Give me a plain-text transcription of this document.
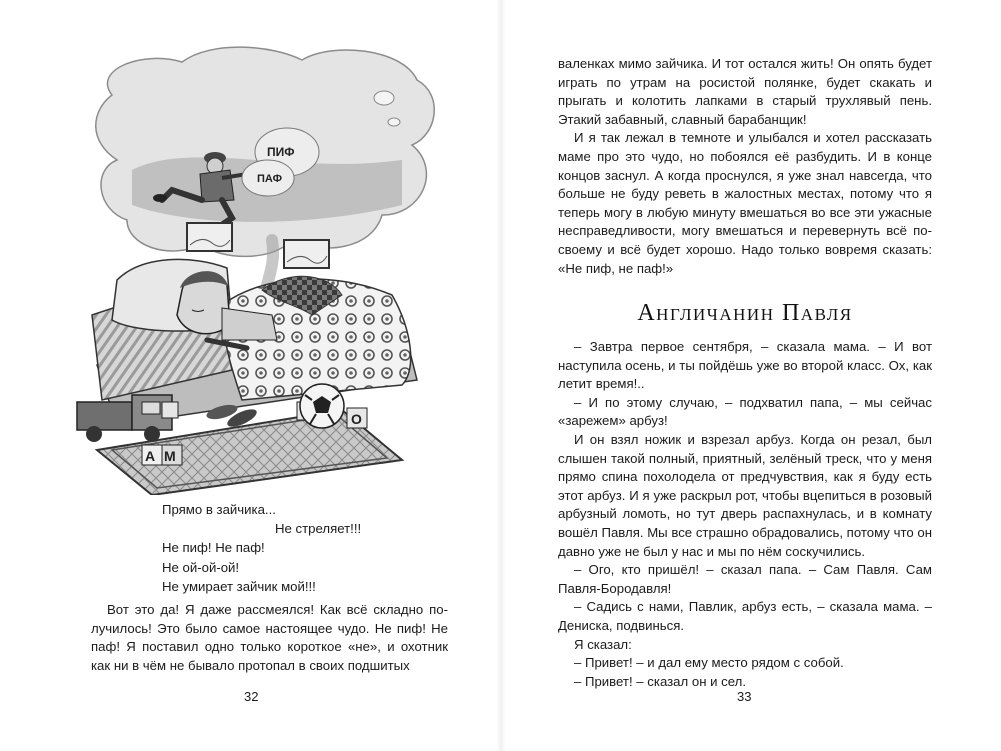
ПИФ
ПАФ
А М
О
Прямо в зайчика...
Не стреляет!!!
Не пиф! Не паф!
Не ой-ой-ой!
Не умирает зайчик мой!!!

Вот это да! Я даже рассмеялся! Как всё складно получилось! Это было самое настоящее чудо. Не пиф! Не паф! Я поставил одно только короткое «не», и охотник как ни в чём не бывало протопал в своих подшитых

32

валенках мимо зайчика. И тот остался жить! Он опять будет играть по утрам на росистой полянке, будет скакать и прыгать и колотить лапками в старый трухлявый пень. Этакий забавный, славный барабанщик!

И я так лежал в темноте и улыбался и хотел рассказать маме про это чудо, но побоялся её разбудить. И в конце концов заснул. А когда проснулся, я уже знал навсегда, что больше не буду реветь в жалостных местах, потому что я теперь могу в любую минуту вмешаться во все эти ужасные несправедливости, могу вмешаться и перевернуть всё по-своему и всё будет хорошо. Надо только вовремя сказать: «Не пиф, не паф!»

Англичанин Павля

– Завтра первое сентября, – сказала мама. – И вот наступила осень, и ты пойдёшь уже во второй класс. Ох, как летит время!..

– И по этому случаю, – подхватил папа, – мы сейчас «зарежем» арбуз!

И он взял ножик и взрезал арбуз. Когда он резал, был слышен такой полный, приятный, зелёный треск, что у меня прямо спина похолодела от предчувствия, как я буду есть этот арбуз. И я уже раскрыл рот, чтобы вцепиться в розовый арбузный ломоть, но тут дверь распахнулась, и в комнату вошёл Павля. Мы все страшно обрадовались, потому что он давно уже не был у нас и мы по нём соскучились.

– Ого, кто пришёл! – сказал папа. – Сам Павля. Сам Павля-Бородавля!

– Садись с нами, Павлик, арбуз есть, – сказала мама. – Дениска, подвинься.

Я сказал:

– Привет! – и дал ему место рядом с собой.

– Привет! – сказал он и сел.

33
